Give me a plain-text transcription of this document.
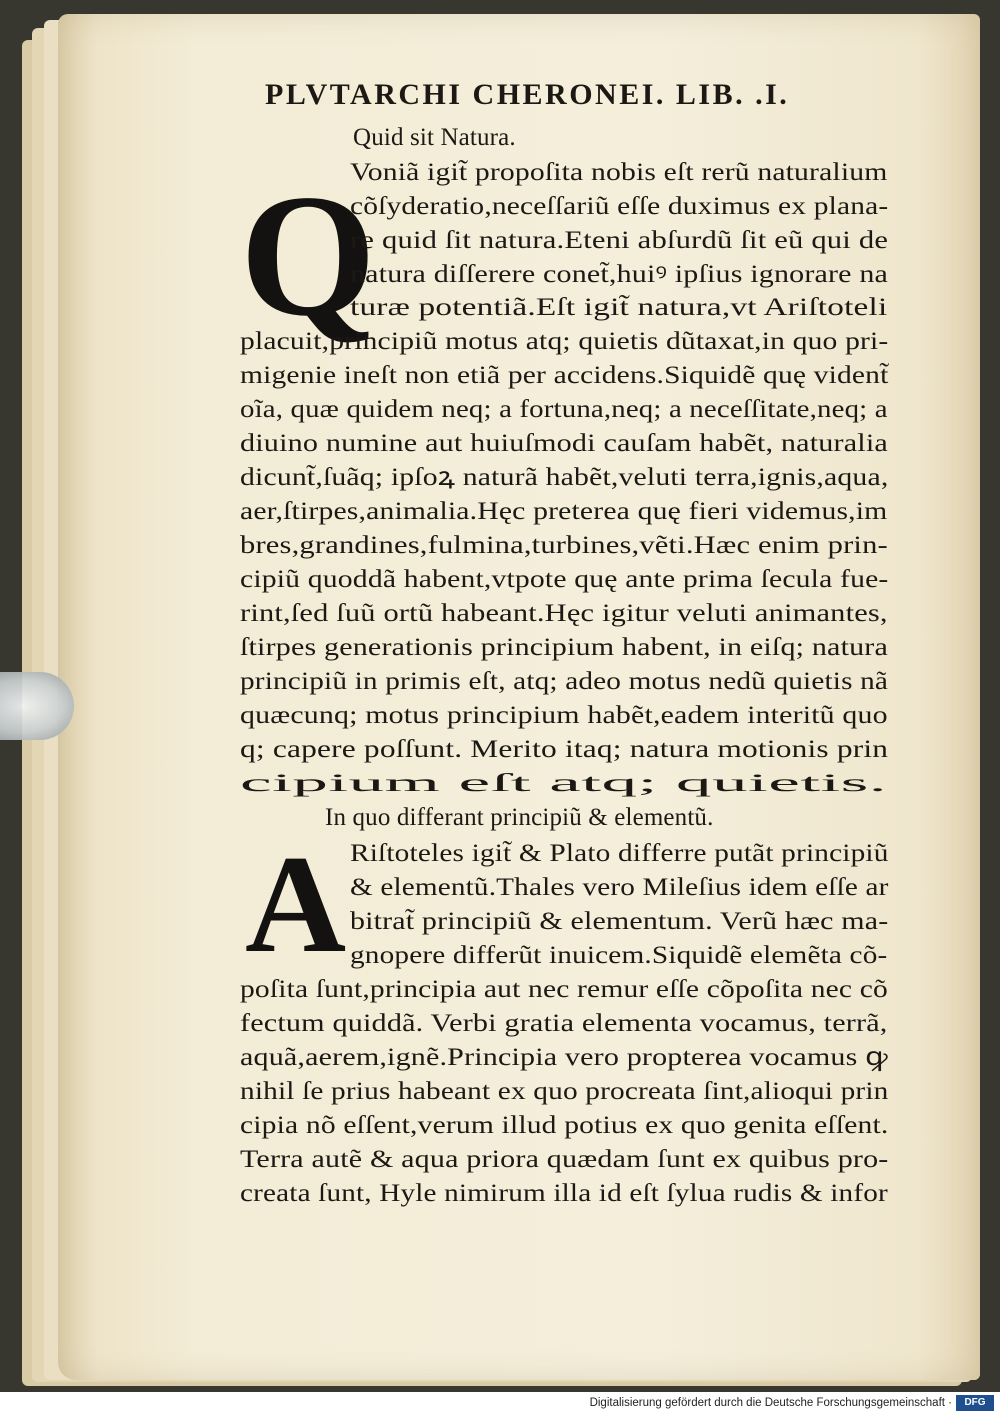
PLVTARCHI CHERONEI. LIB. .I.
Quid sit Natura.
Q
Voniã igit̃ propoſita nobis eſt rerũ naturalium
cõſyderatio,neceſſariũ eſſe duximus ex plana-
re quid ſit natura.Eteni abſurdũ ſit eũ qui de
natura diſſerere conet̃,huiꝰ ipſius ignorare na
turæ potentiã.Eſt igit̃ natura,vt Ariſtoteli
placuit,principiũ motus atq; quietis dũtaxat,in quo pri-
migenie ineſt non etiã per accidens.Siquidẽ quę vident̃
oĩa, quæ quidem neq; a fortuna,neq; a neceſſitate,neq; a
diuino numine aut huiuſmodi cauſam habẽt, naturalia
dicunt̃,ſuãq; ipſoꝝ naturã habẽt,veluti terra,ignis,aqua,
aer,ſtirpes,animalia.Hęc preterea quę fieri videmus,im
bres,grandines,fulmina,turbines,vẽti.Hæc enim prin-
cipiũ quoddã habent,vtpote quę ante prima ſecula fue-
rint,ſed ſuũ ortũ habeant.Hęc igitur veluti animantes,
ſtirpes generationis principium habent, in eiſq; natura
principiũ in primis eſt, atq; adeo motus nedũ quietis nã
quæcunq; motus principium habẽt,eadem interitũ quo
q; capere poſſunt. Merito itaq; natura motionis prin
cipium eſt atq; quietis.
In quo differant principiũ & elementũ.
A Riſtoteles igit̃ & Plato differre putãt principiũ
& elementũ.Thales vero Mileſius idem eſſe ar
bitrat̃ principiũ & elementum. Verũ hæc ma-
gnopere differũt inuicem.Siquidẽ elemẽta cõ-
poſita ſunt,principia aut nec remur eſſe cõpoſita nec cõ
fectum quiddã. Verbi gratia elementa vocamus, terrã,
aquã,aerem,ignẽ.Principia vero propterea vocamus ꝙ
nihil ſe prius habeant ex quo procreata ſint,alioqui prin
cipia nõ eſſent,verum illud potius ex quo genita eſſent.
Terra autẽ & aqua priora quædam ſunt ex quibus pro-
creata ſunt, Hyle nimirum illa id eſt ſylua rudis & infor
Digitalisierung gefördert durch die Deutsche Forschungsgemeinschaft ·	DFG
